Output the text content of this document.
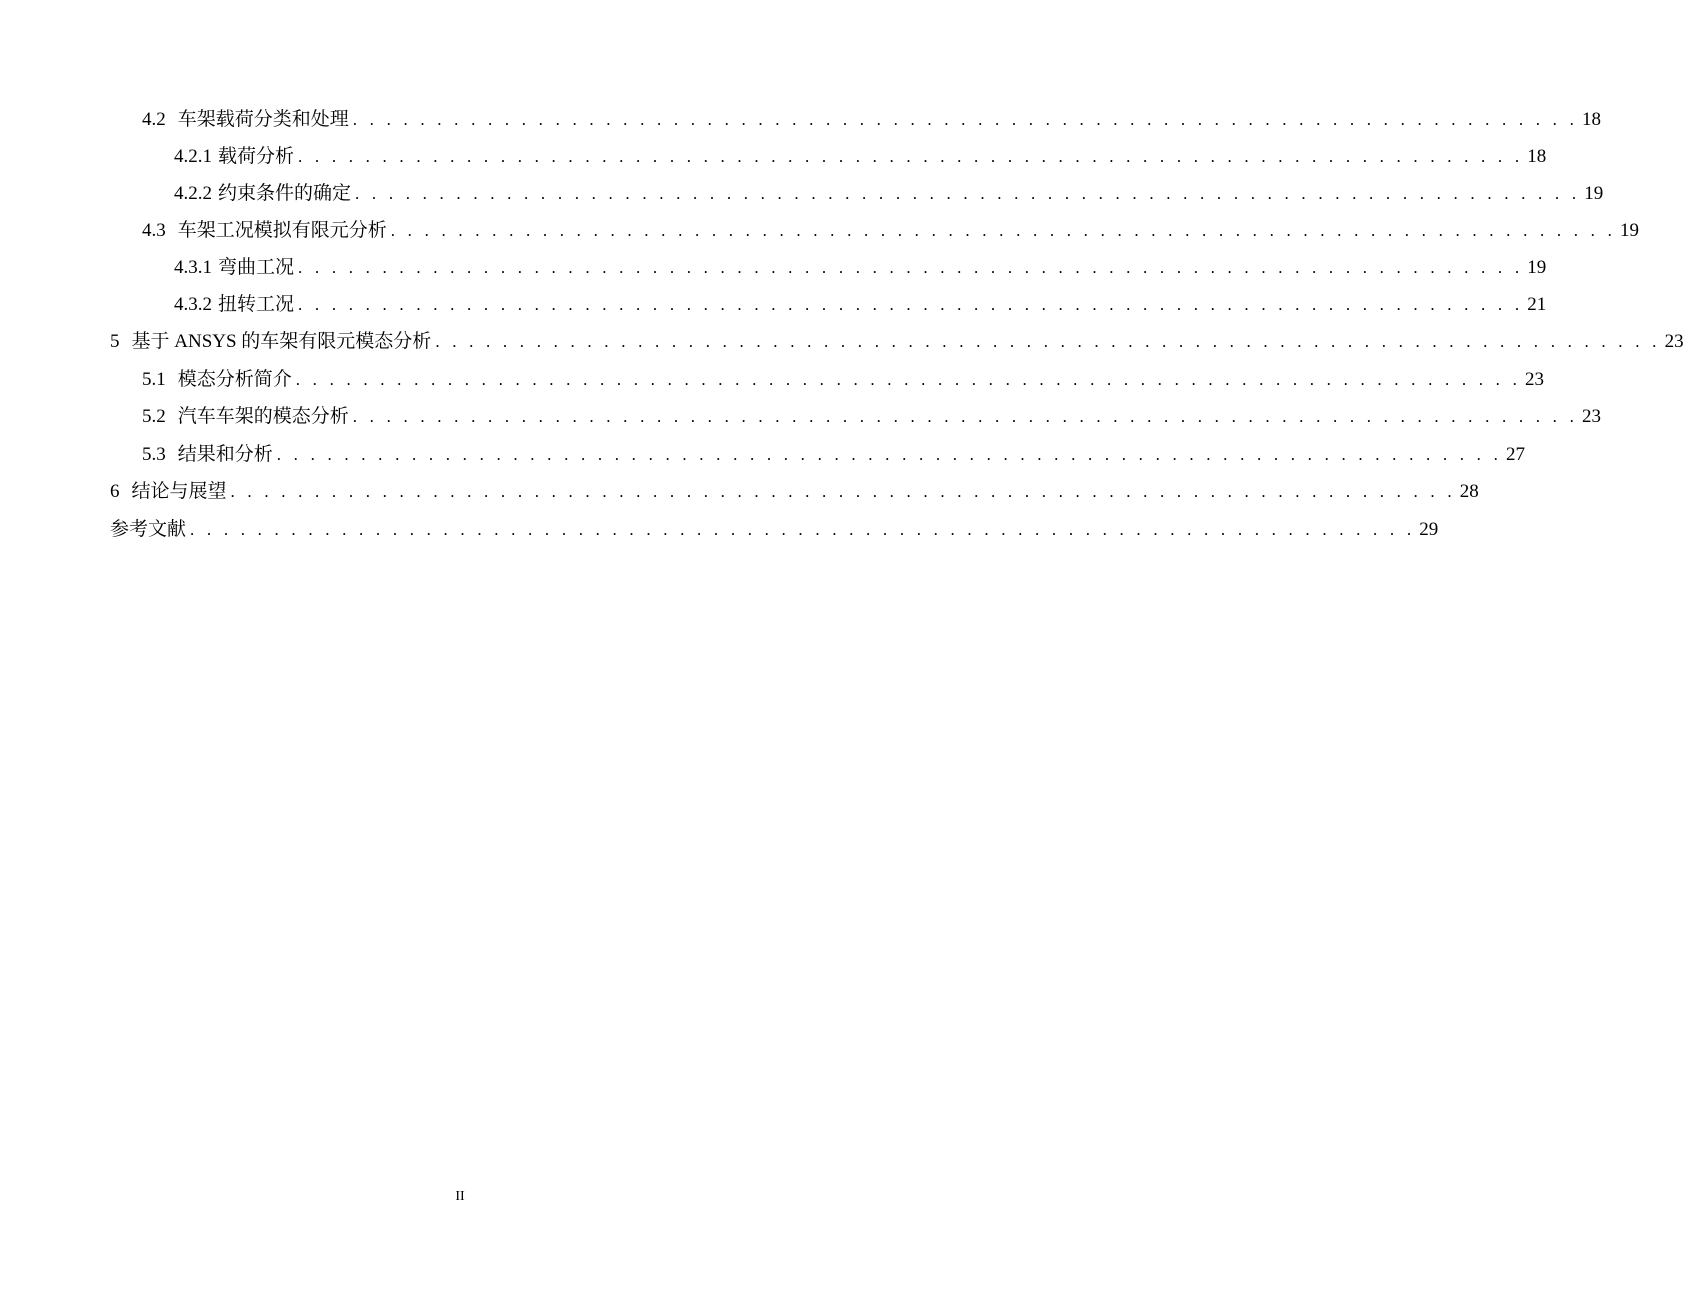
4.2 车架载荷分类和处理 . . . . . . . . . . . . . . . . . . . . . . . . . . . . . . . . . . . . . . . . . . . . . . . . . . . . . . . . . . . . . . . . . . . . . . . . . 18
4.2.1 载荷分析 . . . . . . . . . . . . . . . . . . . . . . . . . . . . . . . . . . . . . . . . . . . . . . . . . . . . . . . . . . . . . . . . . . . . . . . . . 18
4.2.2 约束条件的确定 . . . . . . . . . . . . . . . . . . . . . . . . . . . . . . . . . . . . . . . . . . . . . . . . . . . . . . . . . . . . . . . . . . . . . . . . . 19
4.3 车架工况模拟有限元分析 . . . . . . . . . . . . . . . . . . . . . . . . . . . . . . . . . . . . . . . . . . . . . . . . . . . . . . . . . . . . . . . . . . . . . . . . . 19
4.3.1 弯曲工况 . . . . . . . . . . . . . . . . . . . . . . . . . . . . . . . . . . . . . . . . . . . . . . . . . . . . . . . . . . . . . . . . . . . . . . . . . 19
4.3.2 扭转工况 . . . . . . . . . . . . . . . . . . . . . . . . . . . . . . . . . . . . . . . . . . . . . . . . . . . . . . . . . . . . . . . . . . . . . . . . . 21
5 基于 ANSYS 的车架有限元模态分析 . . . . . . . . . . . . . . . . . . . . . . . . . . . . . . . . . . . . . . . . . . . . . . . . . . . . . . . . . . . . . . . . . . . . . . . . . 23
5.1 模态分析简介 . . . . . . . . . . . . . . . . . . . . . . . . . . . . . . . . . . . . . . . . . . . . . . . . . . . . . . . . . . . . . . . . . . . . . . . . . 23
5.2 汽车车架的模态分析 . . . . . . . . . . . . . . . . . . . . . . . . . . . . . . . . . . . . . . . . . . . . . . . . . . . . . . . . . . . . . . . . . . . . . . . . . 23
5.3 结果和分析 . . . . . . . . . . . . . . . . . . . . . . . . . . . . . . . . . . . . . . . . . . . . . . . . . . . . . . . . . . . . . . . . . . . . . . . . . 27
6 结论与展望 . . . . . . . . . . . . . . . . . . . . . . . . . . . . . . . . . . . . . . . . . . . . . . . . . . . . . . . . . . . . . . . . . . . . . . . . . 28
参考文献 . . . . . . . . . . . . . . . . . . . . . . . . . . . . . . . . . . . . . . . . . . . . . . . . . . . . . . . . . . . . . . . . . . . . . . . . . 29
II
